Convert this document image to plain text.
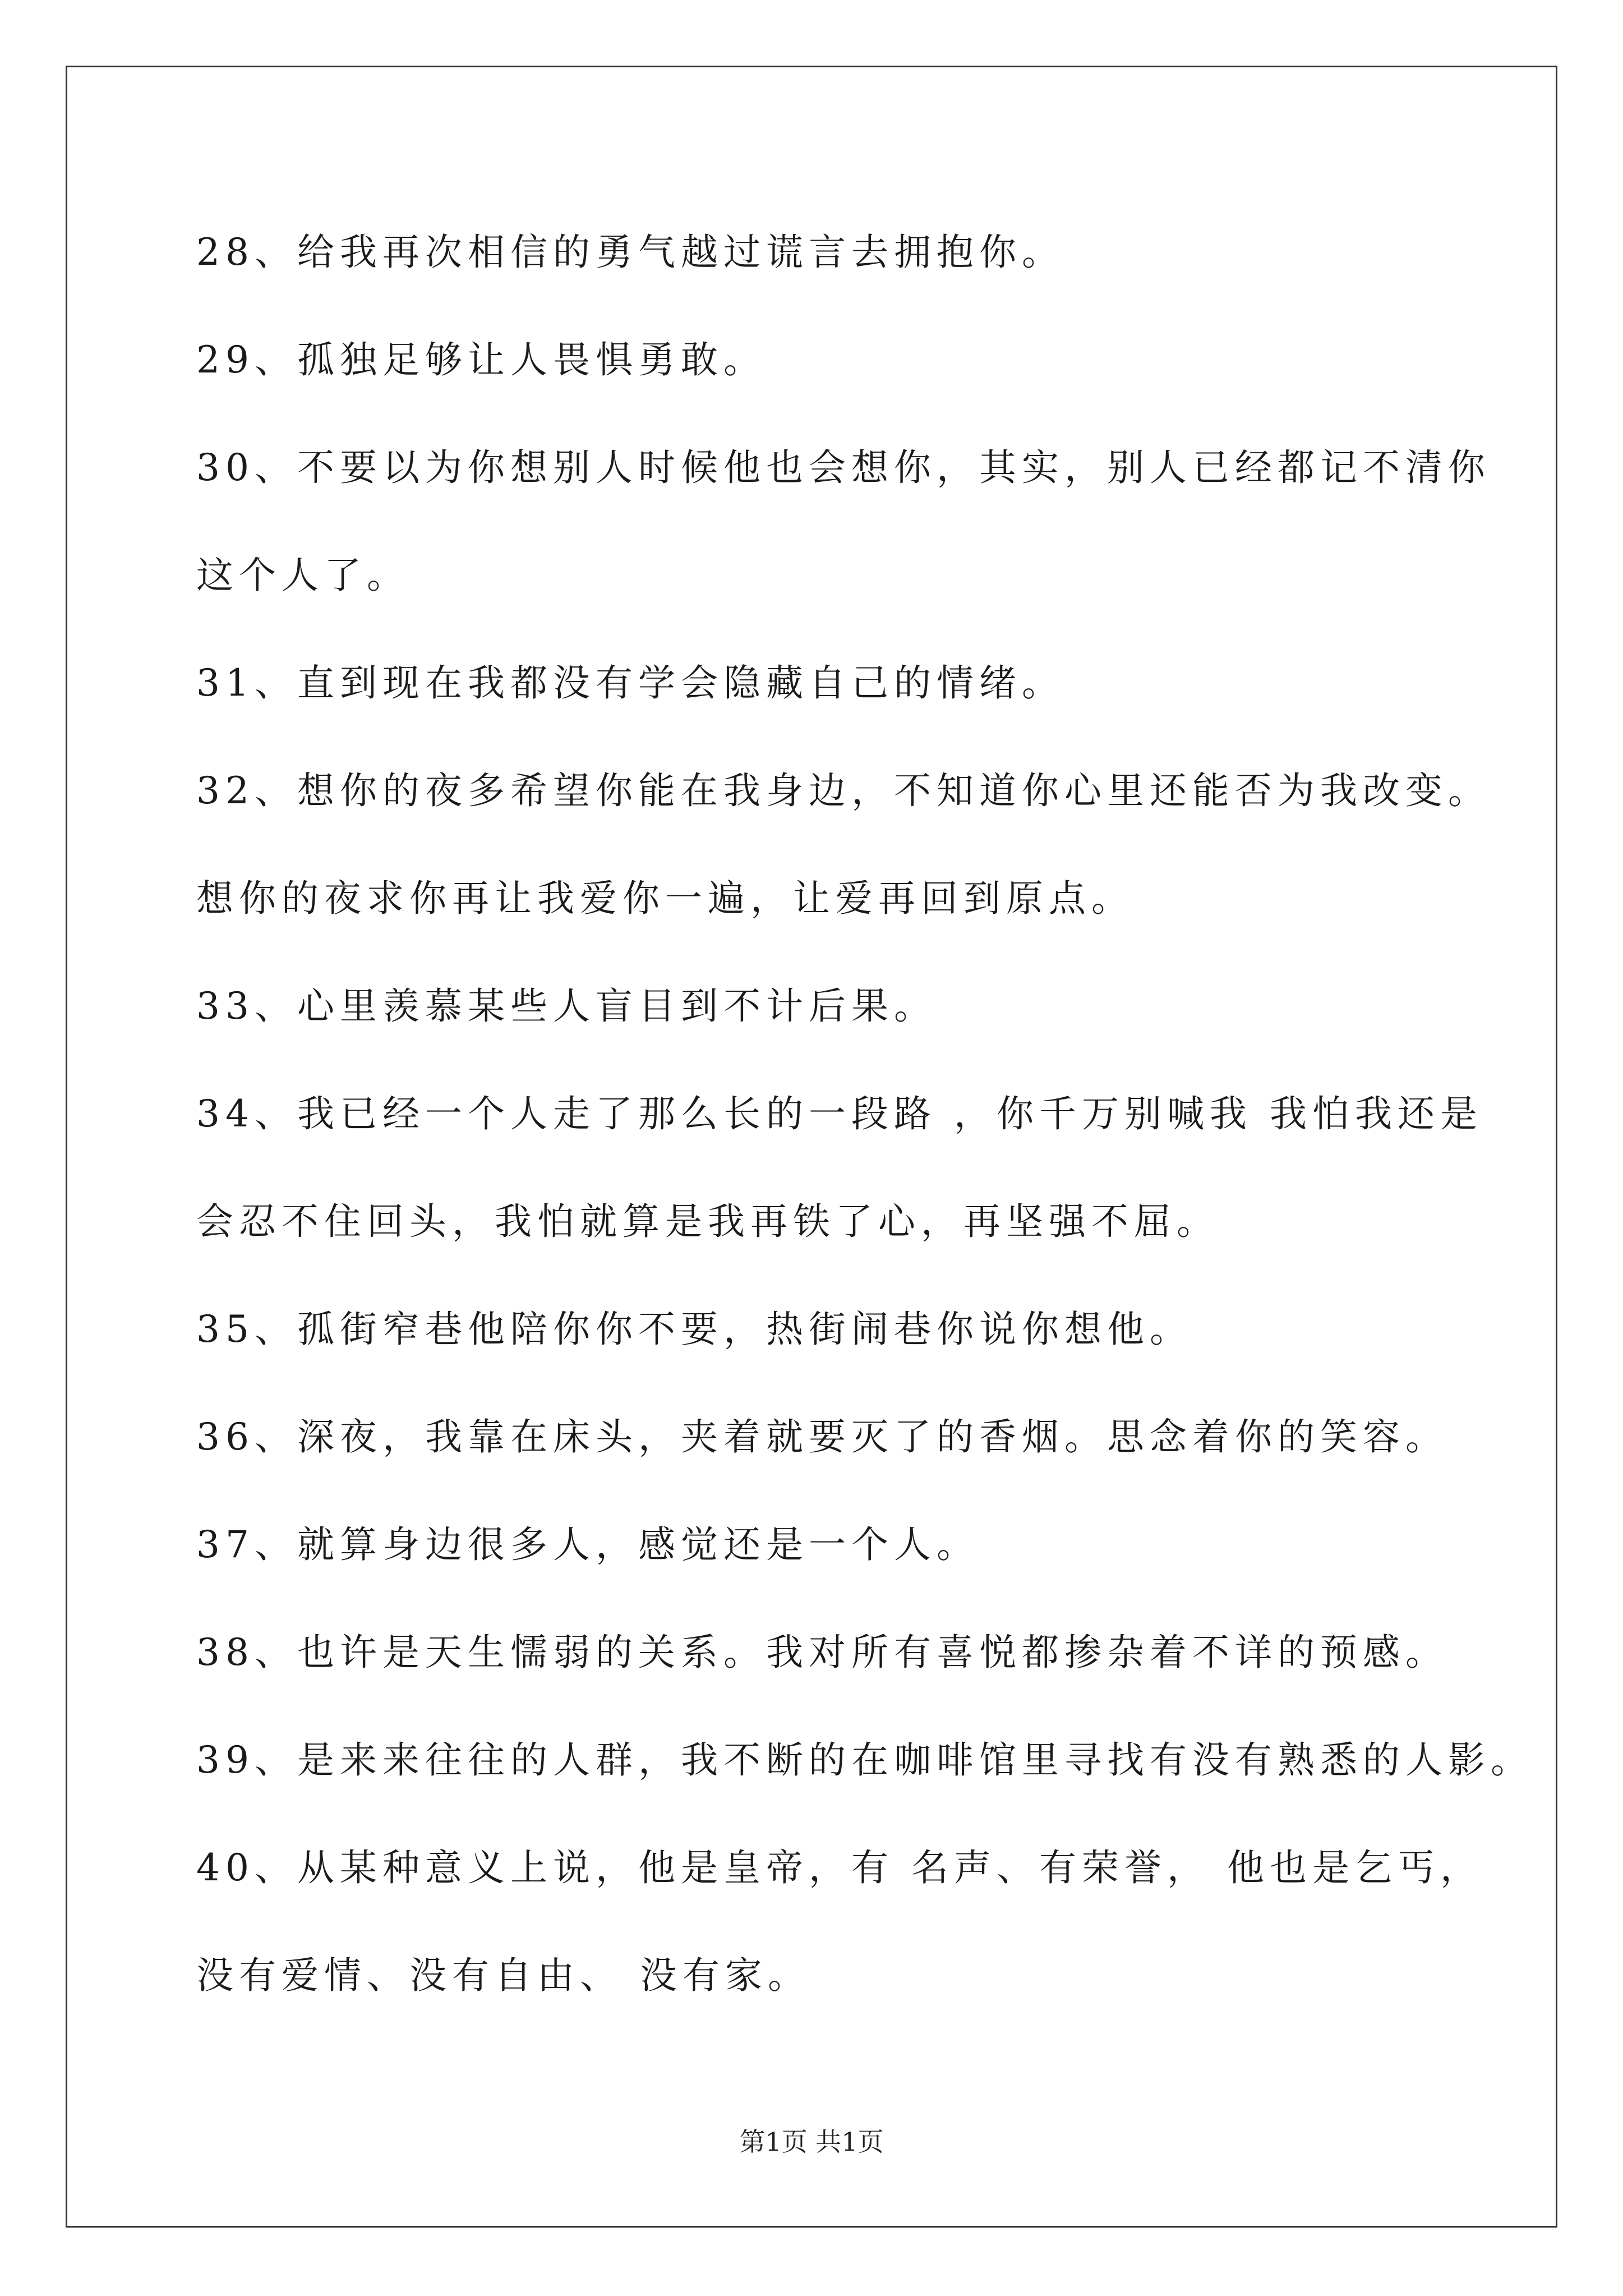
28、给我再次相信的勇气越过谎言去拥抱你。
29、孤独足够让人畏惧勇敢。
30、不要以为你想别人时候他也会想你，其实，别人已经都记不清你
这个人了。
31、直到现在我都没有学会隐藏自己的情绪。
32、想你的夜多希望你能在我身边，不知道你心里还能否为我改变。
想你的夜求你再让我爱你一遍，让爱再回到原点。
33、心里羡慕某些人盲目到不计后果。
34、我已经一个人走了那么长的一段路 ，你千万别喊我 我怕我还是
会忍不住回头，我怕就算是我再铁了心，再坚强不屈。
35、孤街窄巷他陪你你不要，热街闹巷你说你想他。
36、深夜，我靠在床头，夹着就要灭了的香烟。思念着你的笑容。
37、就算身边很多人，感觉还是一个人。
38、也许是天生懦弱的关系。我对所有喜悦都掺杂着不详的预感。
39、是来来往往的人群，我不断的在咖啡馆里寻找有没有熟悉的人影。
40、从某种意义上说，他是皇帝，有 名声、有荣誉， 他也是乞丐，
没有爱情、没有自由、 没有家。
第1页 共1页
